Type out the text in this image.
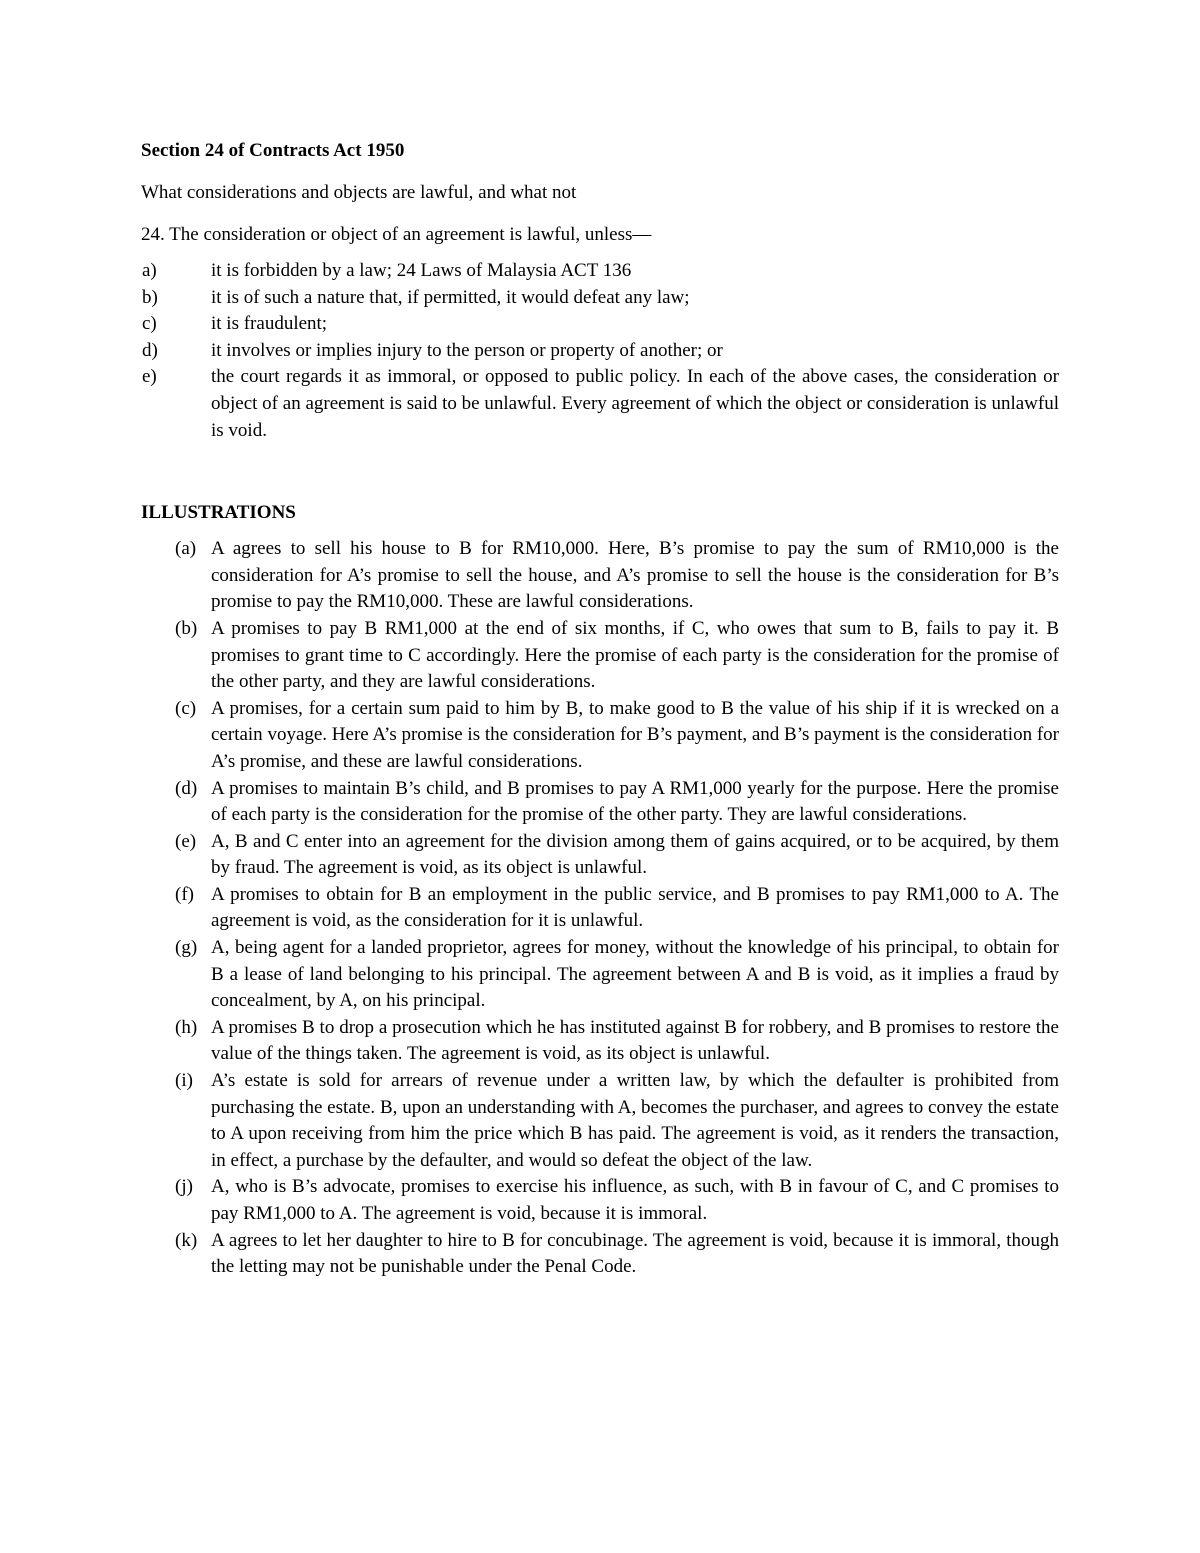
Section 24 of Contracts Act 1950
What considerations and objects are lawful, and what not
24. The consideration or object of an agreement is lawful, unless—
a)	it is forbidden by a law; 24 Laws of Malaysia ACT 136
b)	it is of such a nature that, if permitted, it would defeat any law;
c)	it is fraudulent;
d)	it involves or implies injury to the person or property of another; or
e)	the court regards it as immoral, or opposed to public policy. In each of the above cases, the consideration or object of an agreement is said to be unlawful. Every agreement of which the object or consideration is unlawful is void.
ILLUSTRATIONS
(a) A agrees to sell his house to B for RM10,000. Here, B’s promise to pay the sum of RM10,000 is the consideration for A’s promise to sell the house, and A’s promise to sell the house is the consideration for B’s promise to pay the RM10,000. These are lawful considerations.
(b) A promises to pay B RM1,000 at the end of six months, if C, who owes that sum to B, fails to pay it. B promises to grant time to C accordingly. Here the promise of each party is the consideration for the promise of the other party, and they are lawful considerations.
(c) A promises, for a certain sum paid to him by B, to make good to B the value of his ship if it is wrecked on a certain voyage. Here A’s promise is the consideration for B’s payment, and B’s payment is the consideration for A’s promise, and these are lawful considerations.
(d) A promises to maintain B’s child, and B promises to pay A RM1,000 yearly for the purpose. Here the promise of each party is the consideration for the promise of the other party. They are lawful considerations.
(e) A, B and C enter into an agreement for the division among them of gains acquired, or to be acquired, by them by fraud. The agreement is void, as its object is unlawful.
(f) A promises to obtain for B an employment in the public service, and B promises to pay RM1,000 to A. The agreement is void, as the consideration for it is unlawful.
(g) A, being agent for a landed proprietor, agrees for money, without the knowledge of his principal, to obtain for B a lease of land belonging to his principal. The agreement between A and B is void, as it implies a fraud by concealment, by A, on his principal.
(h) A promises B to drop a prosecution which he has instituted against B for robbery, and B promises to restore the value of the things taken. The agreement is void, as its object is unlawful.
(i) A’s estate is sold for arrears of revenue under a written law, by which the defaulter is prohibited from purchasing the estate. B, upon an understanding with A, becomes the purchaser, and agrees to convey the estate to A upon receiving from him the price which B has paid. The agreement is void, as it renders the transaction, in effect, a purchase by the defaulter, and would so defeat the object of the law.
(j) A, who is B’s advocate, promises to exercise his influence, as such, with B in favour of C, and C promises to pay RM1,000 to A. The agreement is void, because it is immoral.
(k) A agrees to let her daughter to hire to B for concubinage. The agreement is void, because it is immoral, though the letting may not be punishable under the Penal Code.
